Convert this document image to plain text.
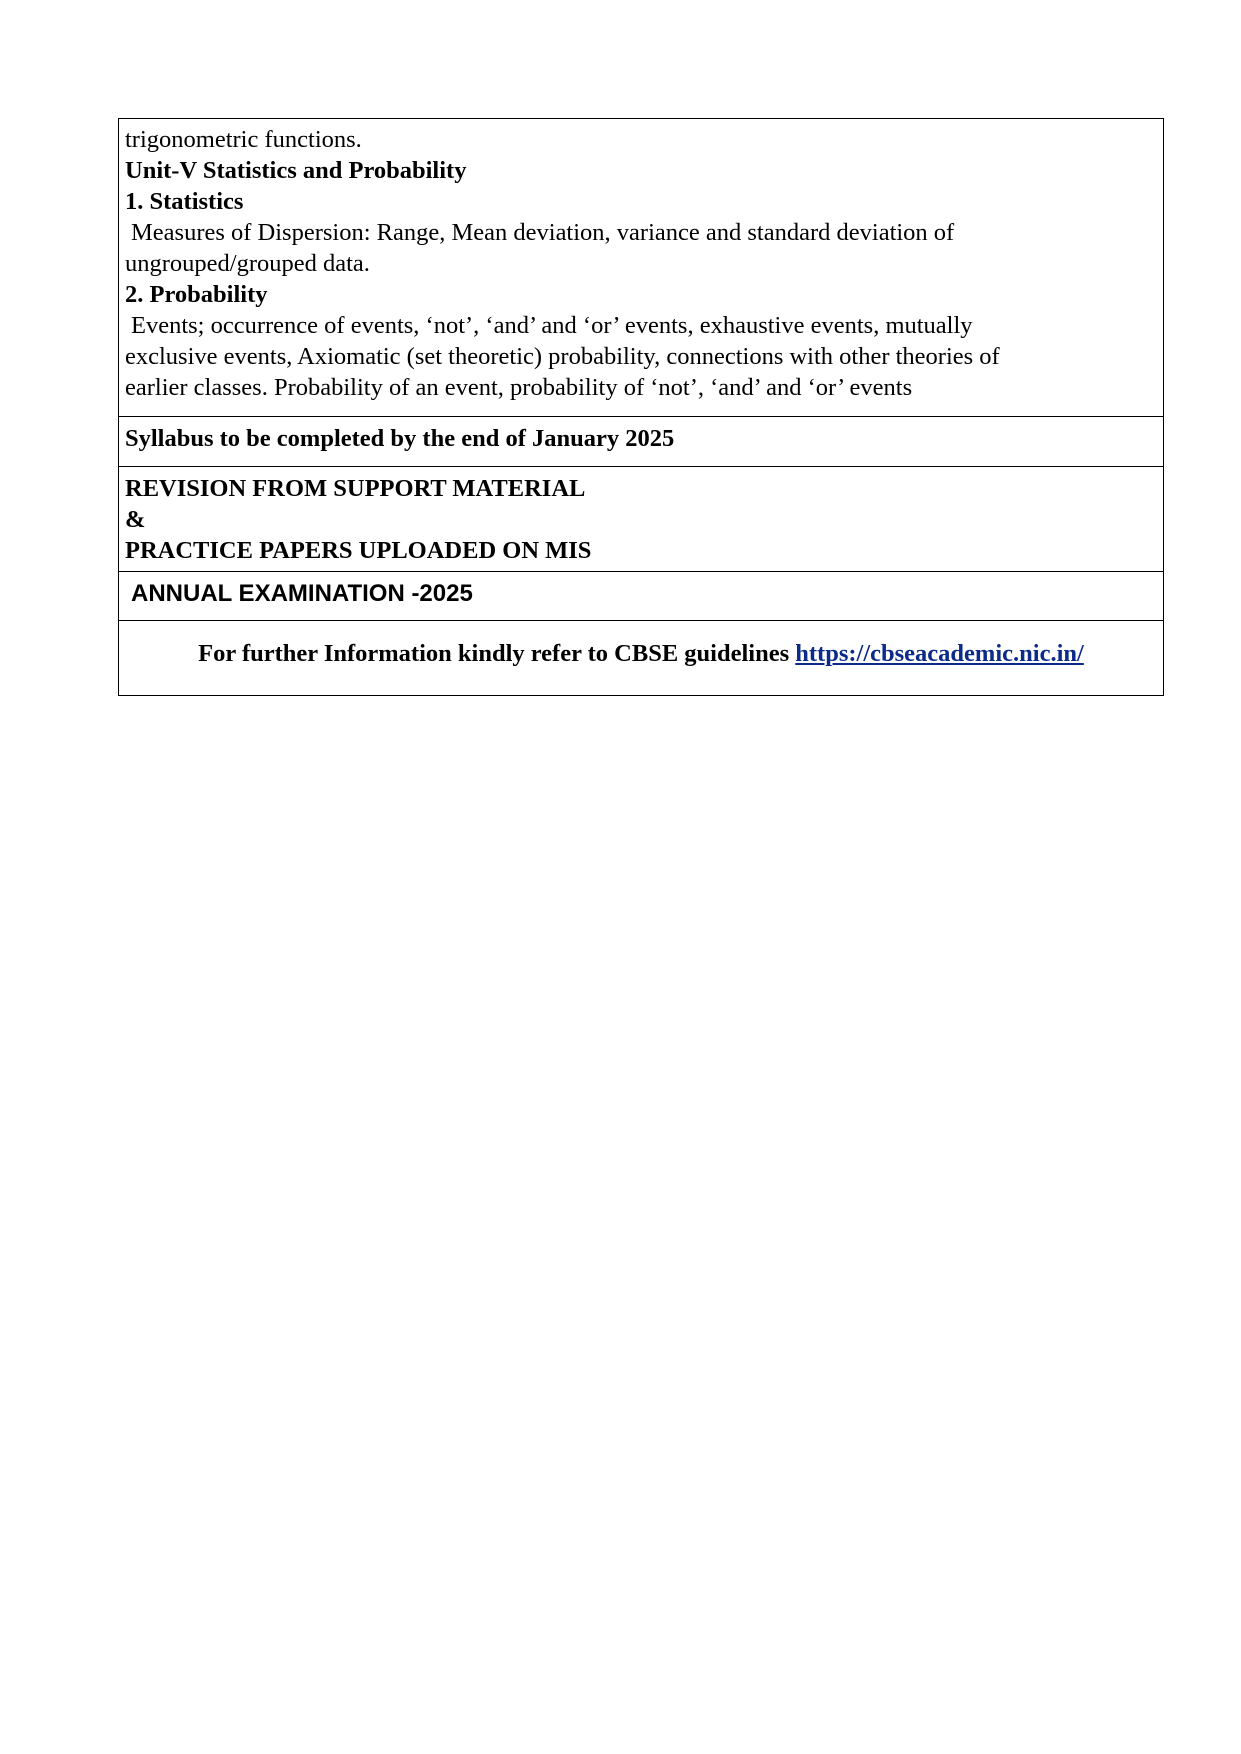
trigonometric functions.
Unit-V Statistics and Probability
1. Statistics
Measures of Dispersion: Range, Mean deviation, variance and standard deviation of
ungrouped/grouped data.
2. Probability
Events; occurrence of events, ‘not’, ‘and’ and ‘or’ events, exhaustive events, mutually
exclusive events, Axiomatic (set theoretic) probability, connections with other theories of
earlier classes. Probability of an event, probability of ‘not’, ‘and’ and ‘or’ events

Syllabus to be completed by the end of January 2025

REVISION FROM SUPPORT MATERIAL
&
PRACTICE PAPERS UPLOADED ON MIS

ANNUAL EXAMINATION -2025
For further Information kindly refer to CBSE guidelines https://cbseacademic.nic.in/
